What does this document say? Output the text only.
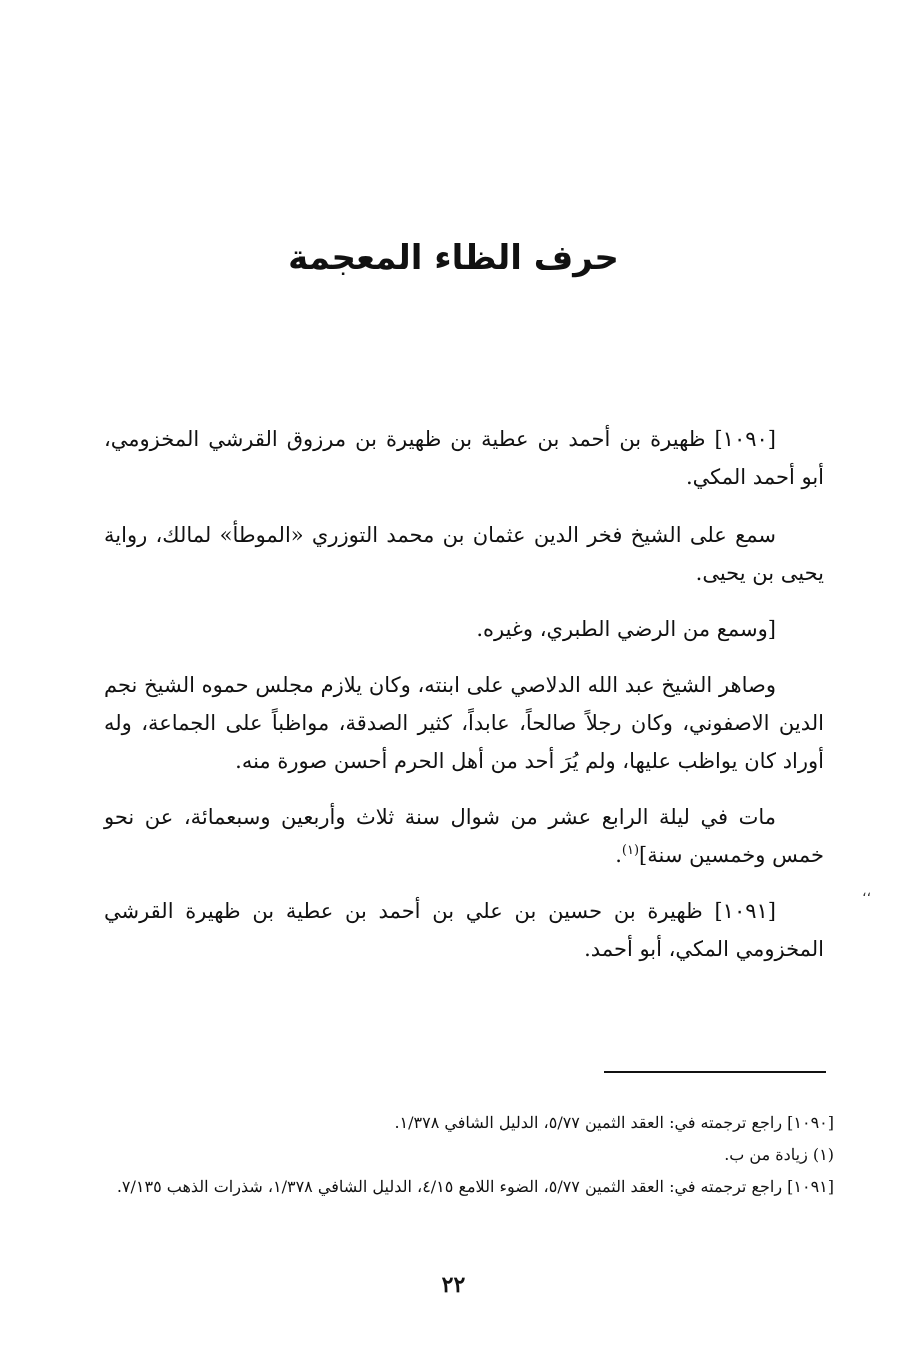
حرف الظاء المعجمة

[١٠٩٠] ظهيرة بن أحمد بن عطية بن ظهيرة بن مرزوق القرشي المخزومي، أبو أحمد المكي.

سمع على الشيخ فخر الدين عثمان بن محمد التوزري «الموطأ» لمالك، رواية يحيى بن يحيى.

[وسمع من الرضي الطبري، وغيره.

وصاهر الشيخ عبد الله الدلاصي على ابنته، وكان يلازم مجلس حموه الشيخ نجم الدين الاصفوني، وكان رجلاً صالحاً، عابداً، كثير الصدقة، مواظباً على الجماعة، وله أوراد كان يواظب عليها، ولم يُرَ أحد من أهل الحرم أحسن صورة منه.

مات في ليلة الرابع عشر من شوال سنة ثلاث وأربعين وسبعمائة، عن نحو خمس وخمسين سنة]$^{(١)}$.

[١٠٩١] ظهيرة بن حسين بن علي بن أحمد بن عطية بن ظهيرة القرشي المخزومي المكي، أبو أحمد.

،،

[١٠٩٠] راجع ترجمته في: العقد الثمين ٥/٧٧، الدليل الشافي ١/٣٧٨.

(١) زيادة من ب.

[١٠٩١] راجع ترجمته في: العقد الثمين ٥/٧٧، الضوء اللامع ٤/١٥، الدليل الشافي ١/٣٧٨، شذرات الذهب ٧/١٣٥.

٢٢
